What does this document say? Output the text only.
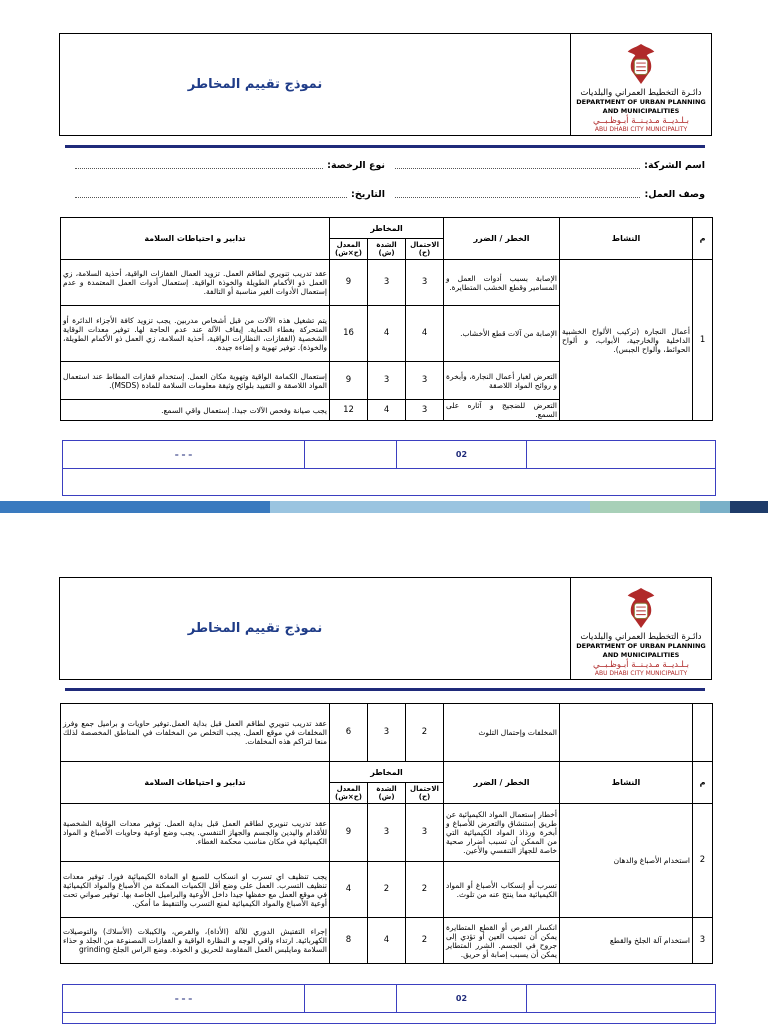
نموذج تقييم المخاطر
دائـرة التخطيط العمراني والبلديات
DEPARTMENT OF URBAN PLANNING
AND MUNICIPALITIES
بـلـديــة مـديـنــة أبـوظـبــي
ABU DHABI CITY MUNICIPALITY
اسم الشركة:
نوع الرخصة:
وصف العمل:
التاريخ:
م	النشاط	الخطر / الضرر	المخاطر			تدابير و احتياطات السلامة
			الاحتمال (ح)	الشدة (ش)	المعدل (ح×ش)	
1	أعمال النجارة (تركيب الألواح الخشبية الداخلية والخارجية، الأبواب، و ألواح الحوائط، وألواح الجبس).	الإصابة بسبب أدوات العمل و المسامير وقطع الخشب المتطايرة.	3	3	9	عقد تدريب تنويري لطاقم العمل. تزويد العمال القفازات الواقية، أحذية السلامة، زي العمل ذو الأكمام الطويلة والخوذة الواقية. إستعمال أدوات العمل المعتمدة و عدم إستعمال الأدوات الغير مناسبة أو التالفة.
		الإصابة من آلات قطع الأخشاب.	4	4	16	يتم تشغيل هذه الآلات من قبل أشخاص مدربين. يجب تزويد كافة الأجزاء الدائرة أو المتحركة بغطاء الحماية. إيقاف الآلة عند عدم الحاجة لها. توفير معدات الوقاية الشخصية (القفازات، النظارات الواقية، أحذية السلامة، زي العمل ذو الأكمام الطويلة، والخوذة). توفير تهوية و إضاءة جيدة.
		التعرض لغبار أعمال النجارة، وأبخرة و روائح المواد اللاصقة	3	3	9	إستعمال الكمامة الواقية وتهوية مكان العمل. إستخدام قفازات المطاط عند استعمال المواد اللاصقة و التقييد بلوائح وثيقة معلومات السلامة للمادة (MSDS).
		التعرض للضجيج و آثاره على السمع.	3	4	12	يجب صيانة وفحص الآلات جيدا. إستعمال واقي السمع.
– – –	02
نموذج تقييم المخاطر
دائـرة التخطيط العمراني والبلديات
DEPARTMENT OF URBAN PLANNING
AND MUNICIPALITIES
بـلـديــة مـديـنــة أبـوظـبــي
ABU DHABI CITY MUNICIPALITY
		المخلفات وإحتمال التلوث	2	3	6	عقد تدريب تنويري لطاقم العمل قبل بداية العمل.توفير حاويات و براميل جمع وفرز المخلفات في موقع العمل. يجب التخلص من المخلفات في المناطق المخصصة لذلك منعا لتراكم هذه المخلفات.
م	النشاط	الخطر / الضرر	المخاطر			تدابير و احتياطات السلامة
			الاحتمال (ح)	الشدة (ش)	المعدل (ح×ش)	
2	استخدام الأصباغ والدهان	أخطار إستعمال المواد الكيميائية عن طريق إستنشاق والتعرض للأصباغ و أبخرة ورذاذ المواد الكيميائية التي من الممكن أن تسبب أضرار صحية خاصة للجهاز التنفسي والأعين.	3	3	9	عقد تدريب تنويري لطاقم العمل قبل بداية العمل. توفير معدات الوقاية الشخصية للأقدام واليدين والجسم والجهاز التنفسي. يجب وضع أوعية وحاويات الأصباغ و المواد الكيميائية في مكان مناسب محكمة الغطاء.
		تسرب أو إنسكاب الأصباغ أو المواد الكيميائية مما ينتج عنه من تلوث.	2	2	4	يجب تنظيف اي تسرب او انسكاب للصبغ او المادة الكيميائية فورا. توفير معدات تنظيف التسرب. العمل على وضع أقل الكميات الممكنة من الأصباغ والمواد الكيميائية في موقع العمل مع حفظها جيدا داخل الأوعية والبراميل الخاصة بها. توفير صواني تحت أوعية الأصباغ والمواد الكيميائية لمنع التسرب والتنقيط ما أمكن.
3	استخدام آلة الجلخ والقطع	انكسار القرص أو القطع المتطايرة يمكن أن تصيب العين أو تؤدي إلى جروح في الجسم. الشرر المتطاير يمكن أن يسبب إصابة أو حريق.	2	4	8	إجراء التفتيش الدوري للآلة (الأداة)، والقرص، والكيبلات (الأسلاك) والتوصيلات الكهربائية. ارتداء واقي الوجه و النظارة الواقية و القفازات المصنوعة من الجلد و حذاء السلامة ومايلبس العمل المقاومة للحريق و الخوذة. وضع الراس الجلخ grinding
– – –	02
